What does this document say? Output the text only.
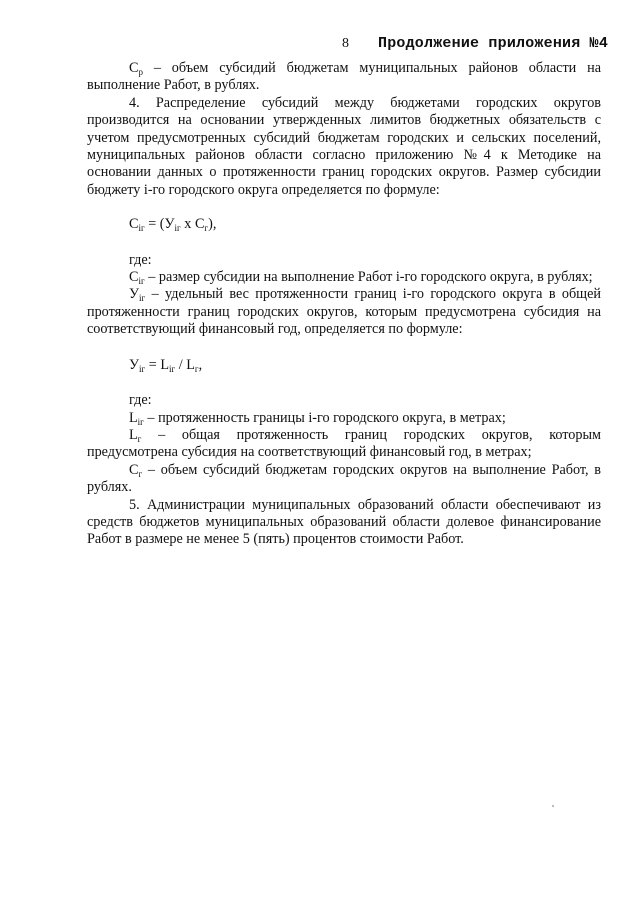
8 Продолжение приложения №4

$С_р$ – объем субсидий бюджетам муниципальных районов области на выполнение Работ, в рублях.

4. Распределение субсидий между бюджетами городских округов производится на основании утвержденных лимитов бюджетных обязательств с учетом предусмотренных субсидий бюджетам городских и сельских поселений, муниципальных районов области согласно приложению №4 к Методике на основании данных о протяженности границ городских округов. Размер субсидии бюджету i-го городского округа определяется по формуле:

$С_{iг} = (У_{iг}$ х $С_г$),

где:

$С_{iг}$ – размер субсидии на выполнение Работ i-го городского округа, в рублях;

$У_{iг}$ – удельный вес протяженности границ i-го городского округа в общей протяженности границ городских округов, которым предусмотрена субсидия на соответствующий финансовый год, определяется по формуле:

$У_{iг} = L_{iг} / L_г$,

где:

$L_{iг}$ – протяженность границы i-го городского округа, в метрах;

$L_г$ – общая протяженность границ городских округов, которым предусмотрена субсидия на соответствующий финансовый год, в метрах;

$С_г$ – объем субсидий бюджетам городских округов на выполнение Работ, в рублях.

5. Администрации муниципальных образований области обеспечивают из средств бюджетов муниципальных образований области долевое финансирование Работ в размере не менее 5 (пять) процентов стоимости Работ.
